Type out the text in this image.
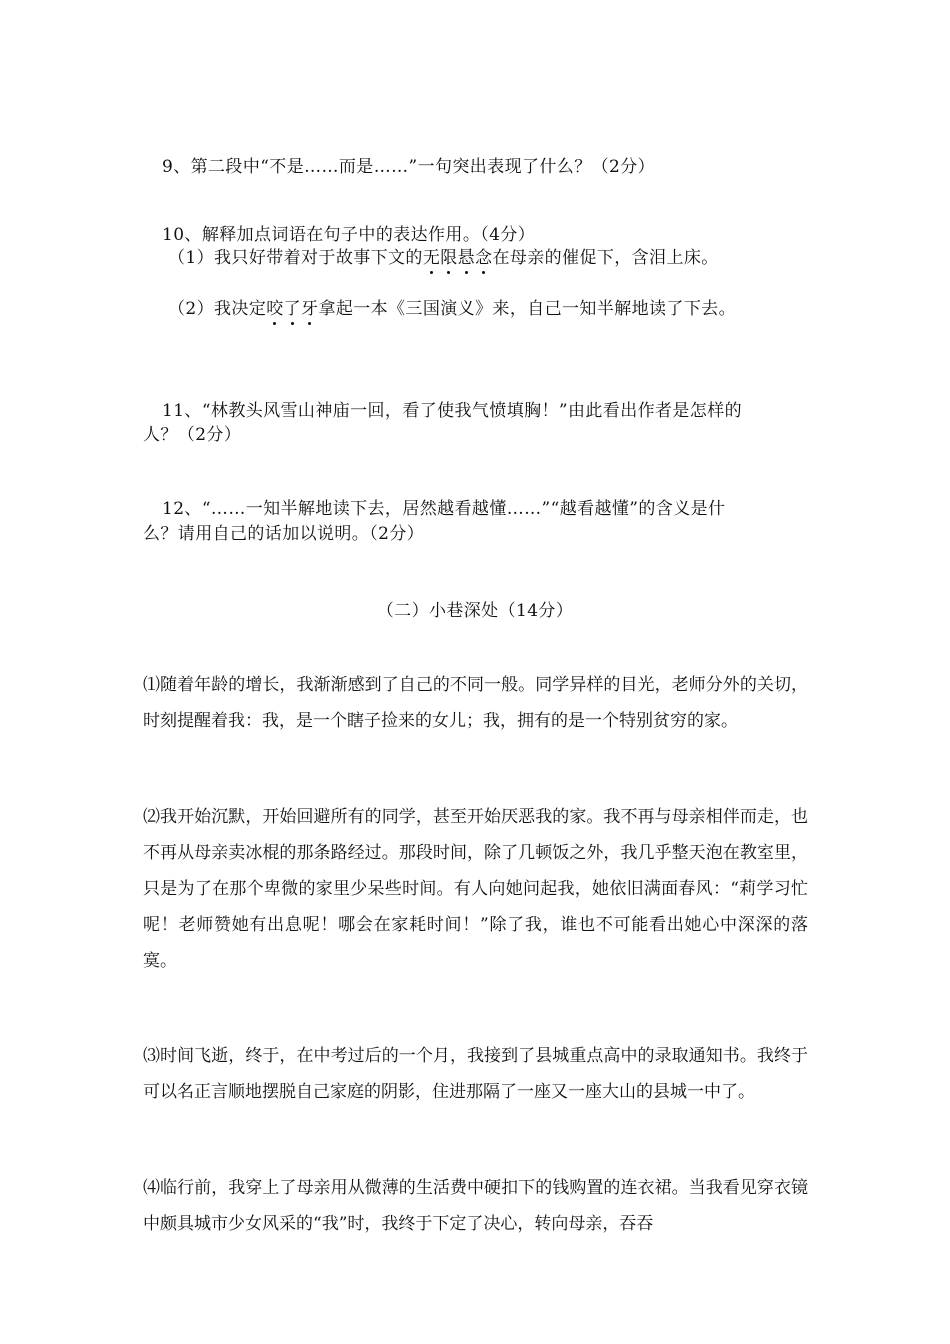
9、第二段中“不是……而是……”一句突出表现了什么？（2分）
10、解释加点词语在句子中的表达作用。（4分）
（1）我只好带着对于故事下文的无限悬念在母亲的催促下，含泪上床。
（2）我决定咬了牙拿起一本《三国演义》来，自己一知半解地读了下去。
11、“林教头风雪山神庙一回，看了使我气愤填胸！”由此看出作者是怎样的
人？（2分）
12、“……一知半解地读下去，居然越看越懂……”“越看越懂”的含义是什
么？请用自己的话加以说明。（2分）
（二）小巷深处（14分）
⑴随着年龄的增长，我渐渐感到了自己的不同一般。同学异样的目光，老师分外的关切，时刻提醒着我：我，是一个瞎子捡来的女儿；我，拥有的是一个特别贫穷的家。
⑵我开始沉默，开始回避所有的同学，甚至开始厌恶我的家。我不再与母亲相伴而走，也不再从母亲卖冰棍的那条路经过。那段时间，除了几顿饭之外，我几乎整天泡在教室里，只是为了在那个卑微的家里少呆些时间。有人向她问起我，她依旧满面春风：“莉学习忙呢！老师赞她有出息呢！哪会在家耗时间！”除了我，谁也不可能看出她心中深深的落寞。
⑶时间飞逝，终于，在中考过后的一个月，我接到了县城重点高中的录取通知书。我终于可以名正言顺地摆脱自己家庭的阴影，住进那隔了一座又一座大山的县城一中了。
⑷临行前，我穿上了母亲用从微薄的生活费中硬扣下的钱购置的连衣裙。当我看见穿衣镜中颇具城市少女风采的“我”时，我终于下定了决心，转向母亲，吞吞
